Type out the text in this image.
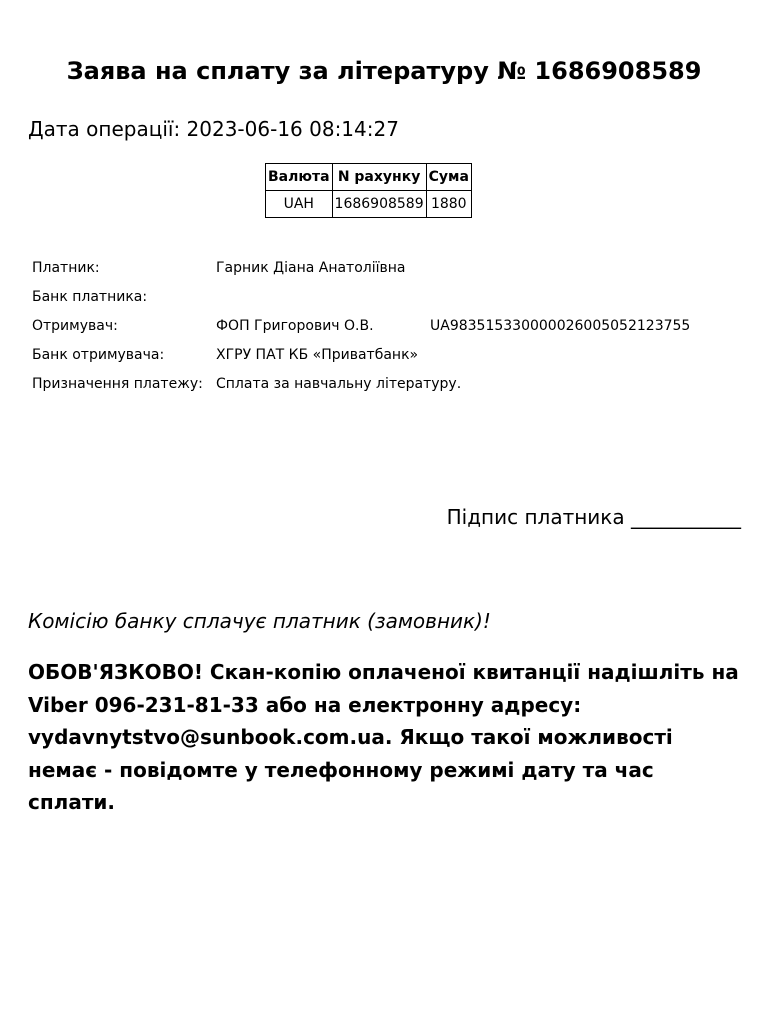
Заява на сплату за літературу № 1686908589

Дата операції: 2023-06-16 08:14:27

Валюта	N рахунку	Сума
UAH	1686908589	1880
Платник:	Гарник Діана Анатоліївна	
Банк платника:		
Отримувач:	ФОП Григорович О.В.	UA983515330000026005052123755
Банк отримувача:	ХГРУ ПАТ КБ «Приватбанк»	
Призначення платежу:	Сплата за навчальну літературу.	

Підпис платника ___________

Комісію банку сплачує платник (замовник)!

ОБОВ'ЯЗКОВО! Скан-копію оплаченої квитанції надішліть на Viber 096-231-81-33 або на електронну адресу: vydavnytstvo@sunbook.com.ua. Якщо такої можливості немає - повідомте у телефонному режимі дату та час сплати.
